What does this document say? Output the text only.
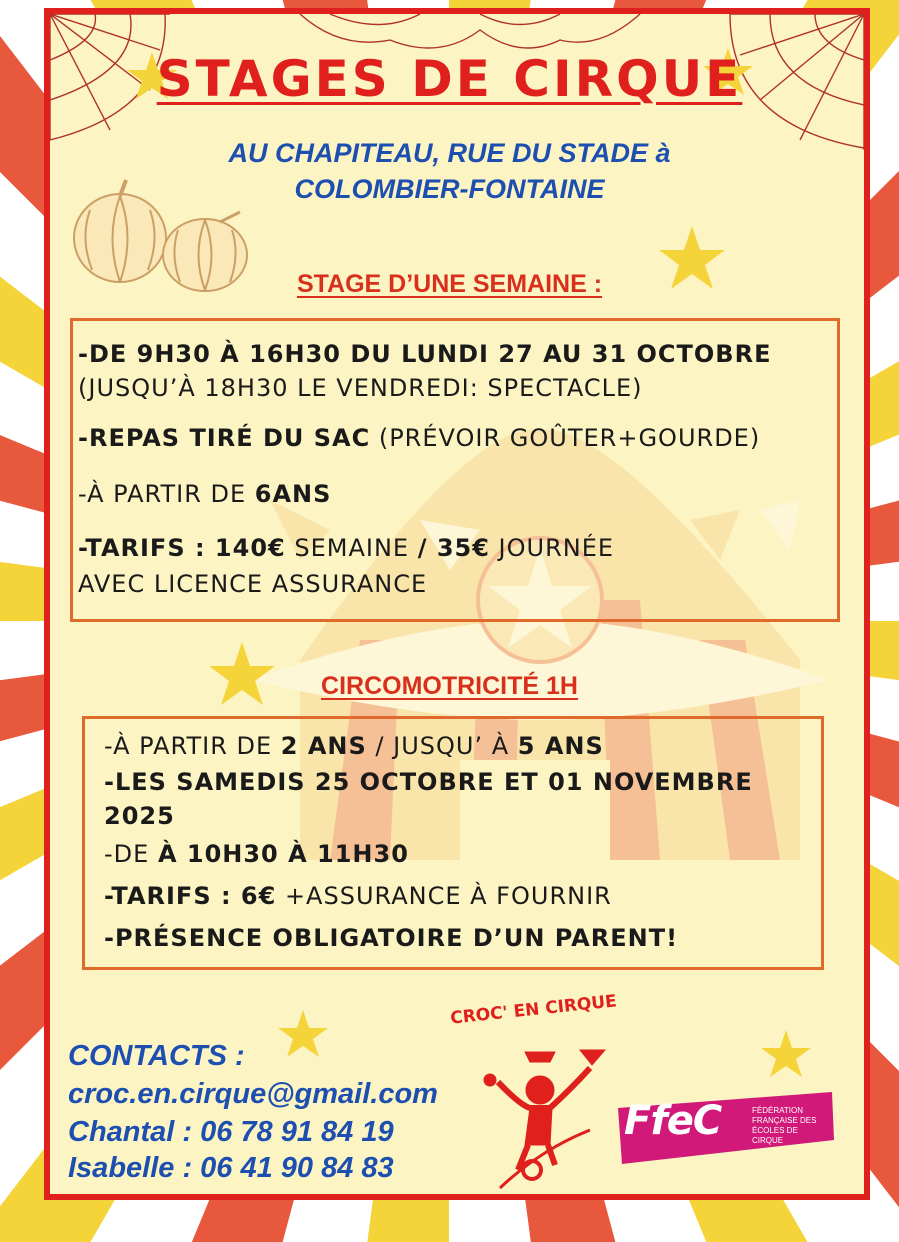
STAGES DE CIRQUE
AU CHAPITEAU, RUE DU STADE à
COLOMBIER-FONTAINE
STAGE D’UNE SEMAINE :
-DE 9H30 À 16H30 DU LUNDI 27 AU 31 OCTOBRE
(JUSQU’À 18H30 LE VENDREDI: SPECTACLE)
-REPAS TIRÉ DU SAC (PRÉVOIR GOÛTER+GOURDE)
-À PARTIR DE 6ANS
-TARIFS : 140€ SEMAINE / 35€ JOURNÉE
AVEC LICENCE ASSURANCE
CIRCOMOTRICITÉ 1H
-À PARTIR DE 2 ANS / JUSQU’ À 5 ANS
-LES SAMEDIS 25 OCTOBRE ET 01 NOVEMBRE
2025
-DE À 10H30 À 11H30
-TARIFS : 6€ +ASSURANCE À FOURNIR
-PRÉSENCE OBLIGATOIRE D’UN PARENT!
CONTACTS :
croc.en.cirque@gmail.com
Chantal : 06 78 91 84 19
Isabelle : 06 41 90 84 83
CROC' EN CIRQUE
FfeC	FÉDÉRATION
FRANÇAISE DES
ÉCOLES DE
CIRQUE
